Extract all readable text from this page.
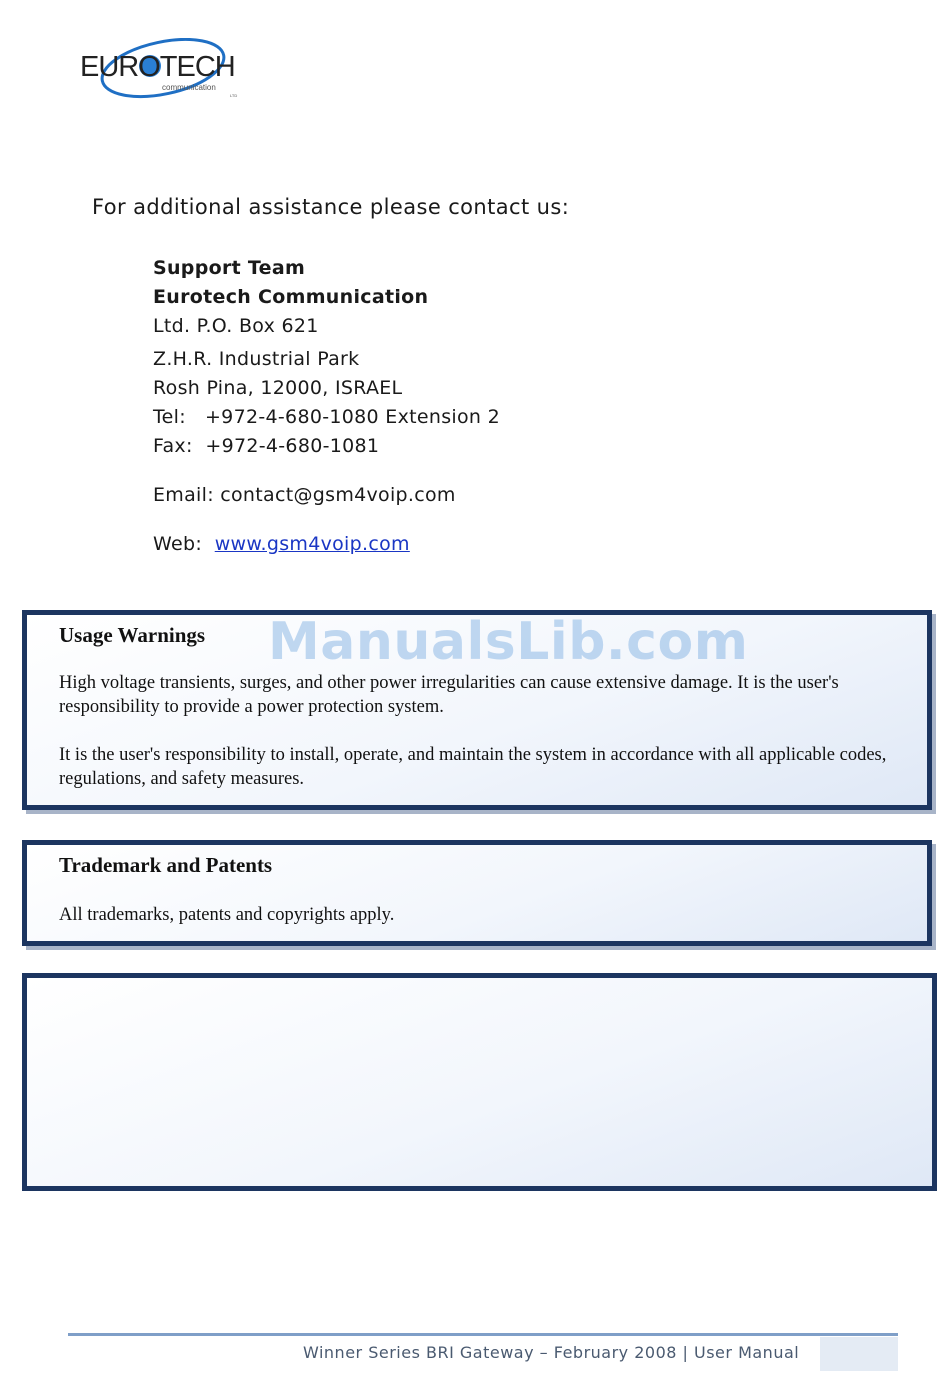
EUROTECH
communication
LTD
For additional assistance please contact us:
Support Team
Eurotech Communication
Ltd. P.O. Box 621
Z.H.R. Industrial Park
Rosh Pina, 12000, ISRAEL
Tel:   +972-4-680-1080 Extension 2
Fax:  +972-4-680-1081
Email: contact@gsm4voip.com
Web:  www.gsm4voip.com
Usage Warnings

High voltage transients, surges, and other power irregularities can cause extensive damage. It is the user's responsibility to provide a power protection system.

It is the user's responsibility to install, operate, and maintain the system in accordance with all applicable codes, regulations, and safety measures.

ManualsLib.com
Trademark and Patents

All trademarks, patents and copyrights apply.

Winner Series BRI Gateway – February 2008 | User Manual
